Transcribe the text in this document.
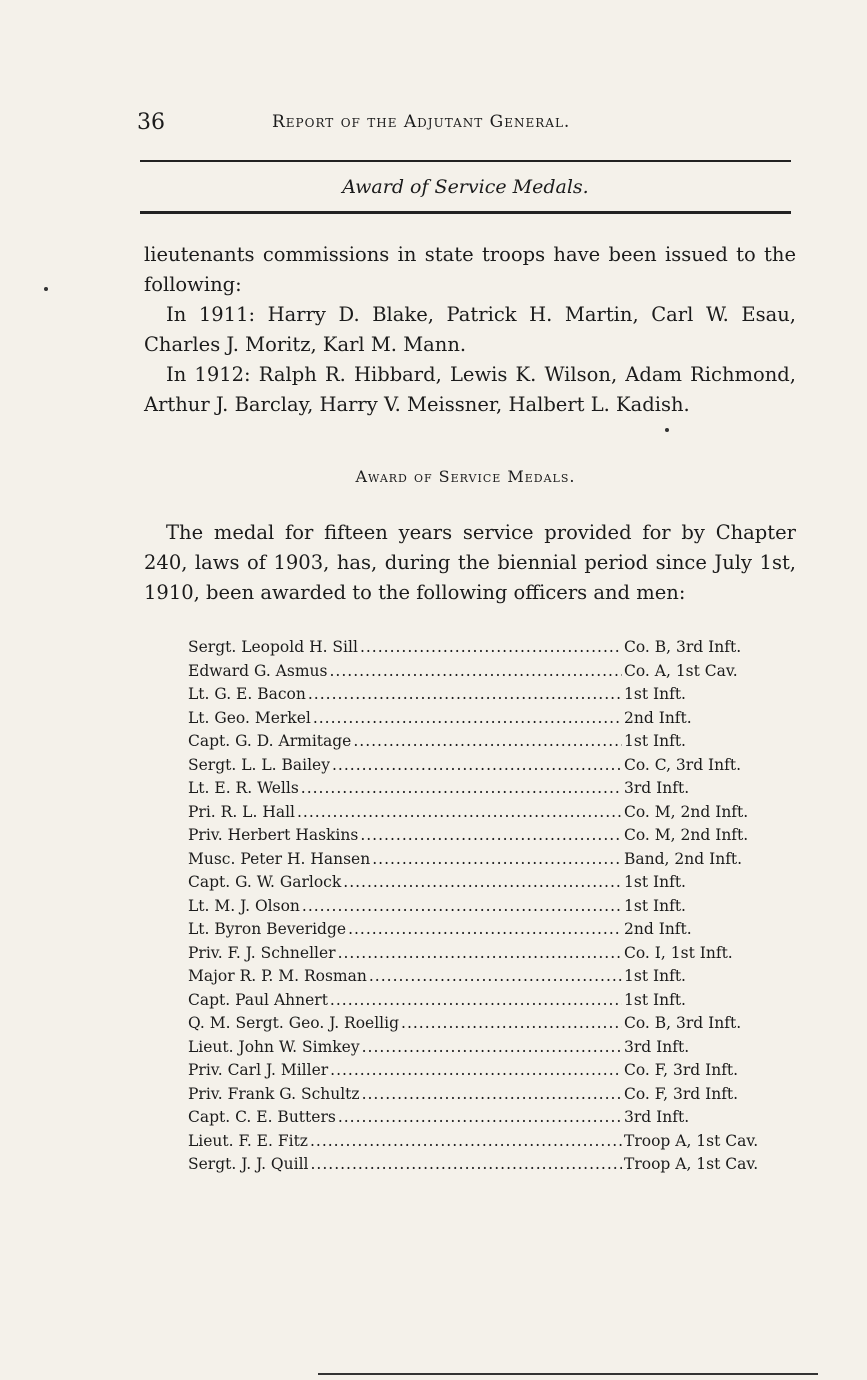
36	Report of the Adjutant General.
Award of Service Medals.

lieutenants commissions in state troops have been issued to the following:

In 1911: Harry D. Blake, Patrick H. Martin, Carl W. Esau, Charles J. Moritz, Karl M. Mann.

In 1912: Ralph R. Hibbard, Lewis K. Wilson, Adam Richmond, Arthur J. Barclay, Harry V. Meissner, Halbert L. Kadish.

Award of Service Medals.

The medal for fifteen years service provided for by Chapter 240, laws of 1903, has, during the biennial period since July 1st, 1910, been awarded to the following officers and men:

Sergt. Leopold H. Sill .....	Co. B, 3rd Inft.
Edward G. Asmus .....	Co. A, 1st Cav.
Lt. G. E. Bacon .....	1st Inft.
Lt. Geo. Merkel .....	2nd Inft.
Capt. G. D. Armitage .....	1st Inft.
Sergt. L. L. Bailey .....	Co. C, 3rd Inft.
Lt. E. R. Wells .....	3rd Inft.
Pri. R. L. Hall .....	Co. M, 2nd Inft.
Priv. Herbert Haskins .....	Co. M, 2nd Inft.
Musc. Peter H. Hansen .....	Band, 2nd Inft.
Capt. G. W. Garlock .....	1st Inft.
Lt. M. J. Olson .....	1st Inft.
Lt. Byron Beveridge .....	2nd Inft.
Priv. F. J. Schneller .....	Co. I, 1st Inft.
Major R. P. M. Rosman .....	1st Inft.
Capt. Paul Ahnert .....	1st Inft.
Q. M. Sergt. Geo. J. Roellig .....	Co. B, 3rd Inft.
Lieut. John W. Simkey .....	3rd Inft.
Priv. Carl J. Miller .....	Co. F, 3rd Inft.
Priv. Frank G. Schultz .....	Co. F, 3rd Inft.
Capt. C. E. Butters .....	3rd Inft.
Lieut. F. E. Fitz .....	Troop A, 1st Cav.
Sergt. J. J. Quill .....	Troop A, 1st Cav.
